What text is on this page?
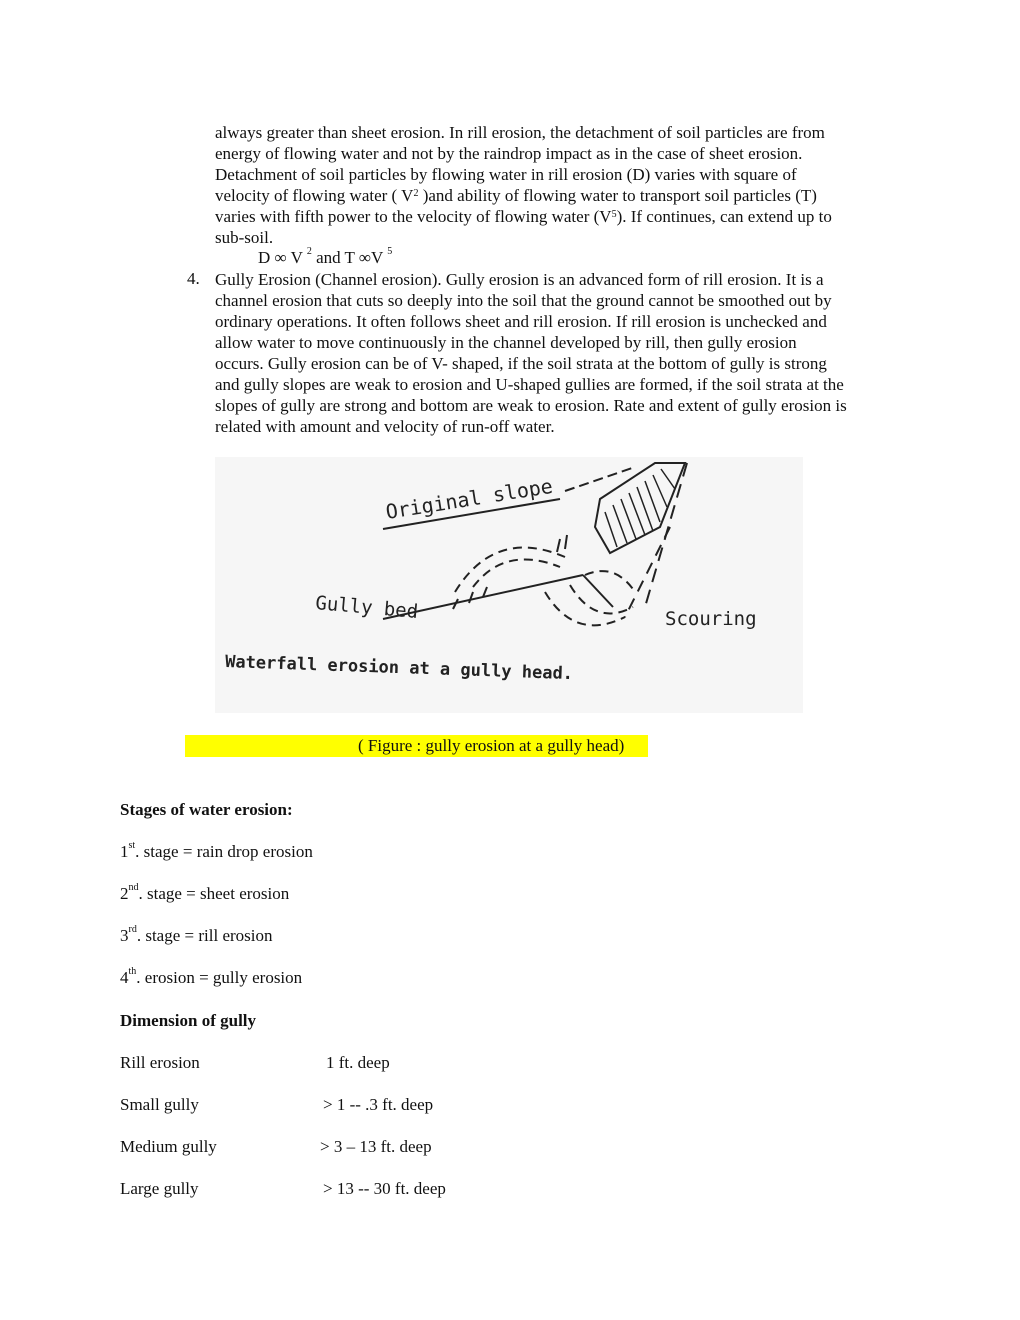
always greater than sheet erosion. In rill erosion, the detachment of soil particles are from

energy of flowing water and not by the raindrop impact as in the case of sheet erosion.

Detachment of soil particles by flowing water in rill erosion (D) varies with square of

velocity of flowing water ( $V^2$ )and ability of flowing water to transport soil particles (T)

varies with fifth power to the velocity of flowing water $(V^5)$. If continues, can extend up to

sub-soil.

D ∞ V $^2$ and T ∞V $^5$
4. Gully Erosion (Channel erosion). Gully erosion is an advanced form of rill erosion. It is a
channel erosion that cuts so deeply into the soil that the ground cannot be smoothed out by
ordinary operations. It often follows sheet and rill erosion. If rill erosion is unchecked and
allow water to move continuously in the channel developed by rill, then gully erosion
occurs. Gully erosion can be of V- shaped, if the soil strata at the bottom of gully is strong
and gully slopes are weak to erosion and U-shaped gullies are formed, if the soil strata at the
slopes of gully are strong and bottom are weak to erosion. Rate and extent of gully erosion is
related with amount and velocity of run-off water.
Original slope
Gully bed	Scouring
Waterfall erosion at a gully head.
( Figure : gully erosion at a gully head)
Stages of water erosion:
1st. stage = rain drop erosion
2nd. stage = sheet erosion
3rd. stage = rill erosion
4th. erosion = gully erosion
Dimension of gully
Rill erosion	1 ft. deep
Small gully	> 1 -- .3 ft. deep
Medium gully	> 3 – 13 ft. deep
Large gully	> 13 -- 30 ft. deep
